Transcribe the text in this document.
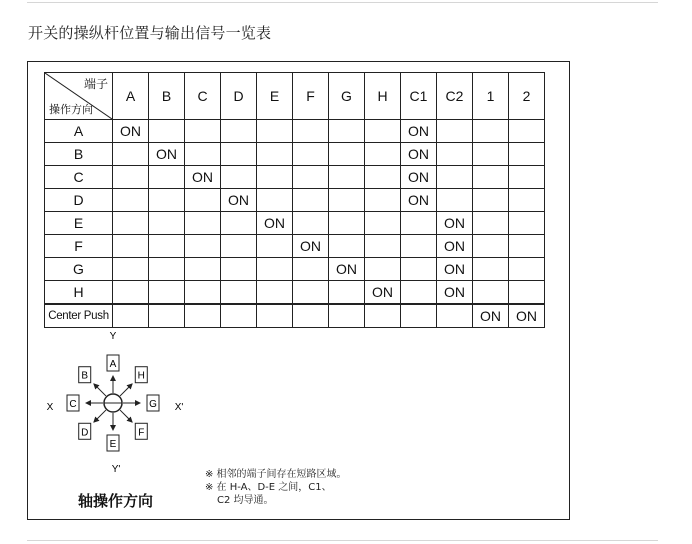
开关的操纵杆位置与输出信号一览表
端子
操作方向	A	B	C	D	E	F	G	H	C1	C2	1	2
A	ON								ON			
B		ON							ON			
C			ON						ON			
D				ON					ON			
E					ON					ON		
F						ON				ON		
G							ON			ON		
H								ON		ON		
Center Push											ON	ON
A
B
C
D
E
F
G
H
Y
Y'
X	X'
轴操作方向
※ 相邻的端子间存在短路区域。
※ 在 H-A、D-E 之间，C1、
C2 均导通。
